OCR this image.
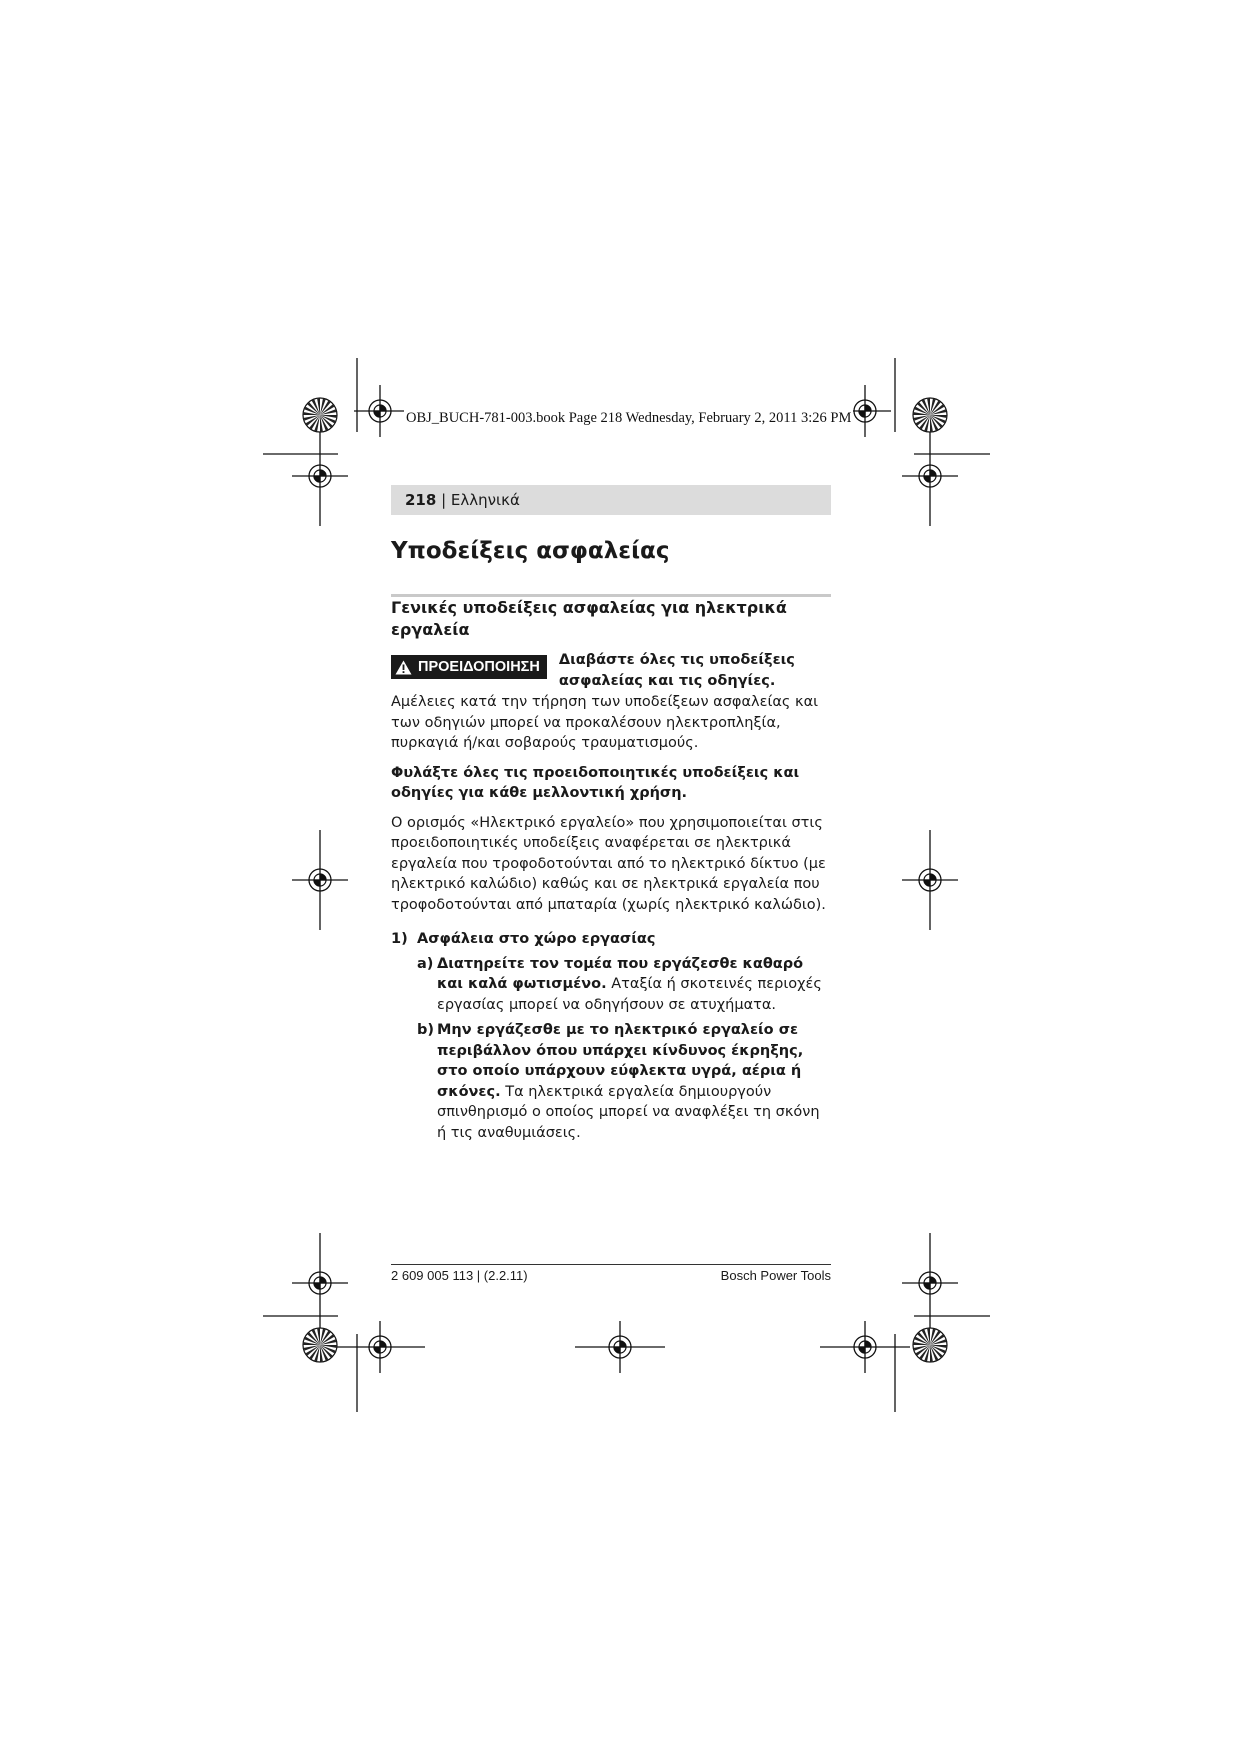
OBJ_BUCH-781-003.book Page 218 Wednesday, February 2, 2011 3:26 PM
218 | Ελληνικά
Υποδείξεις ασφαλείας
Γενικές υποδείξεις ασφαλείας για ηλεκτρικά εργαλεία
ΠΡΟΕΙΔΟΠΟΙΗΣΗ Διαβάστε όλες τις υποδείξεις ασφαλείας και τις οδηγίες.

Αμέλειες κατά την τήρηση των υποδείξεων ασφαλείας και των οδηγιών μπορεί να προκαλέσουν ηλεκτροπληξία, πυρκαγιά ή/και σοβαρούς τραυματισμούς.

Φυλάξτε όλες τις προειδοποιητικές υποδείξεις και οδηγίες για κάθε μελλοντική χρήση.

Ο ορισμός «Ηλεκτρικό εργαλείο» που χρησιμοποιείται στις προειδοποιητικές υποδείξεις αναφέρεται σε ηλεκτρικά εργαλεία που τροφοδοτούνται από το ηλεκτρικό δίκτυο (με ηλεκτρικό καλώδιο) καθώς και σε ηλεκτρικά εργαλεία που τροφοδοτούνται από μπαταρία (χωρίς ηλεκτρικό καλώδιο).

1) Ασφάλεια στο χώρο εργασίας
a) Διατηρείτε τον τομέα που εργάζεσθε καθαρό και καλά φωτισμένο. Αταξία ή σκοτεινές περιοχές εργασίας μπορεί να οδηγήσουν σε ατυχήματα.
b) Μην εργάζεσθε με το ηλεκτρικό εργαλείο σε περιβάλλον όπου υπάρχει κίνδυνος έκρηξης, στο οποίο υπάρχουν εύφλεκτα υγρά, αέρια ή σκόνες. Τα ηλεκτρικά εργαλεία δημιουργούν σπινθηρισμό ο οποίος μπορεί να αναφλέξει τη σκόνη ή τις αναθυμιάσεις.
2 609 005 113 | (2.2.11)	Bosch Power Tools
